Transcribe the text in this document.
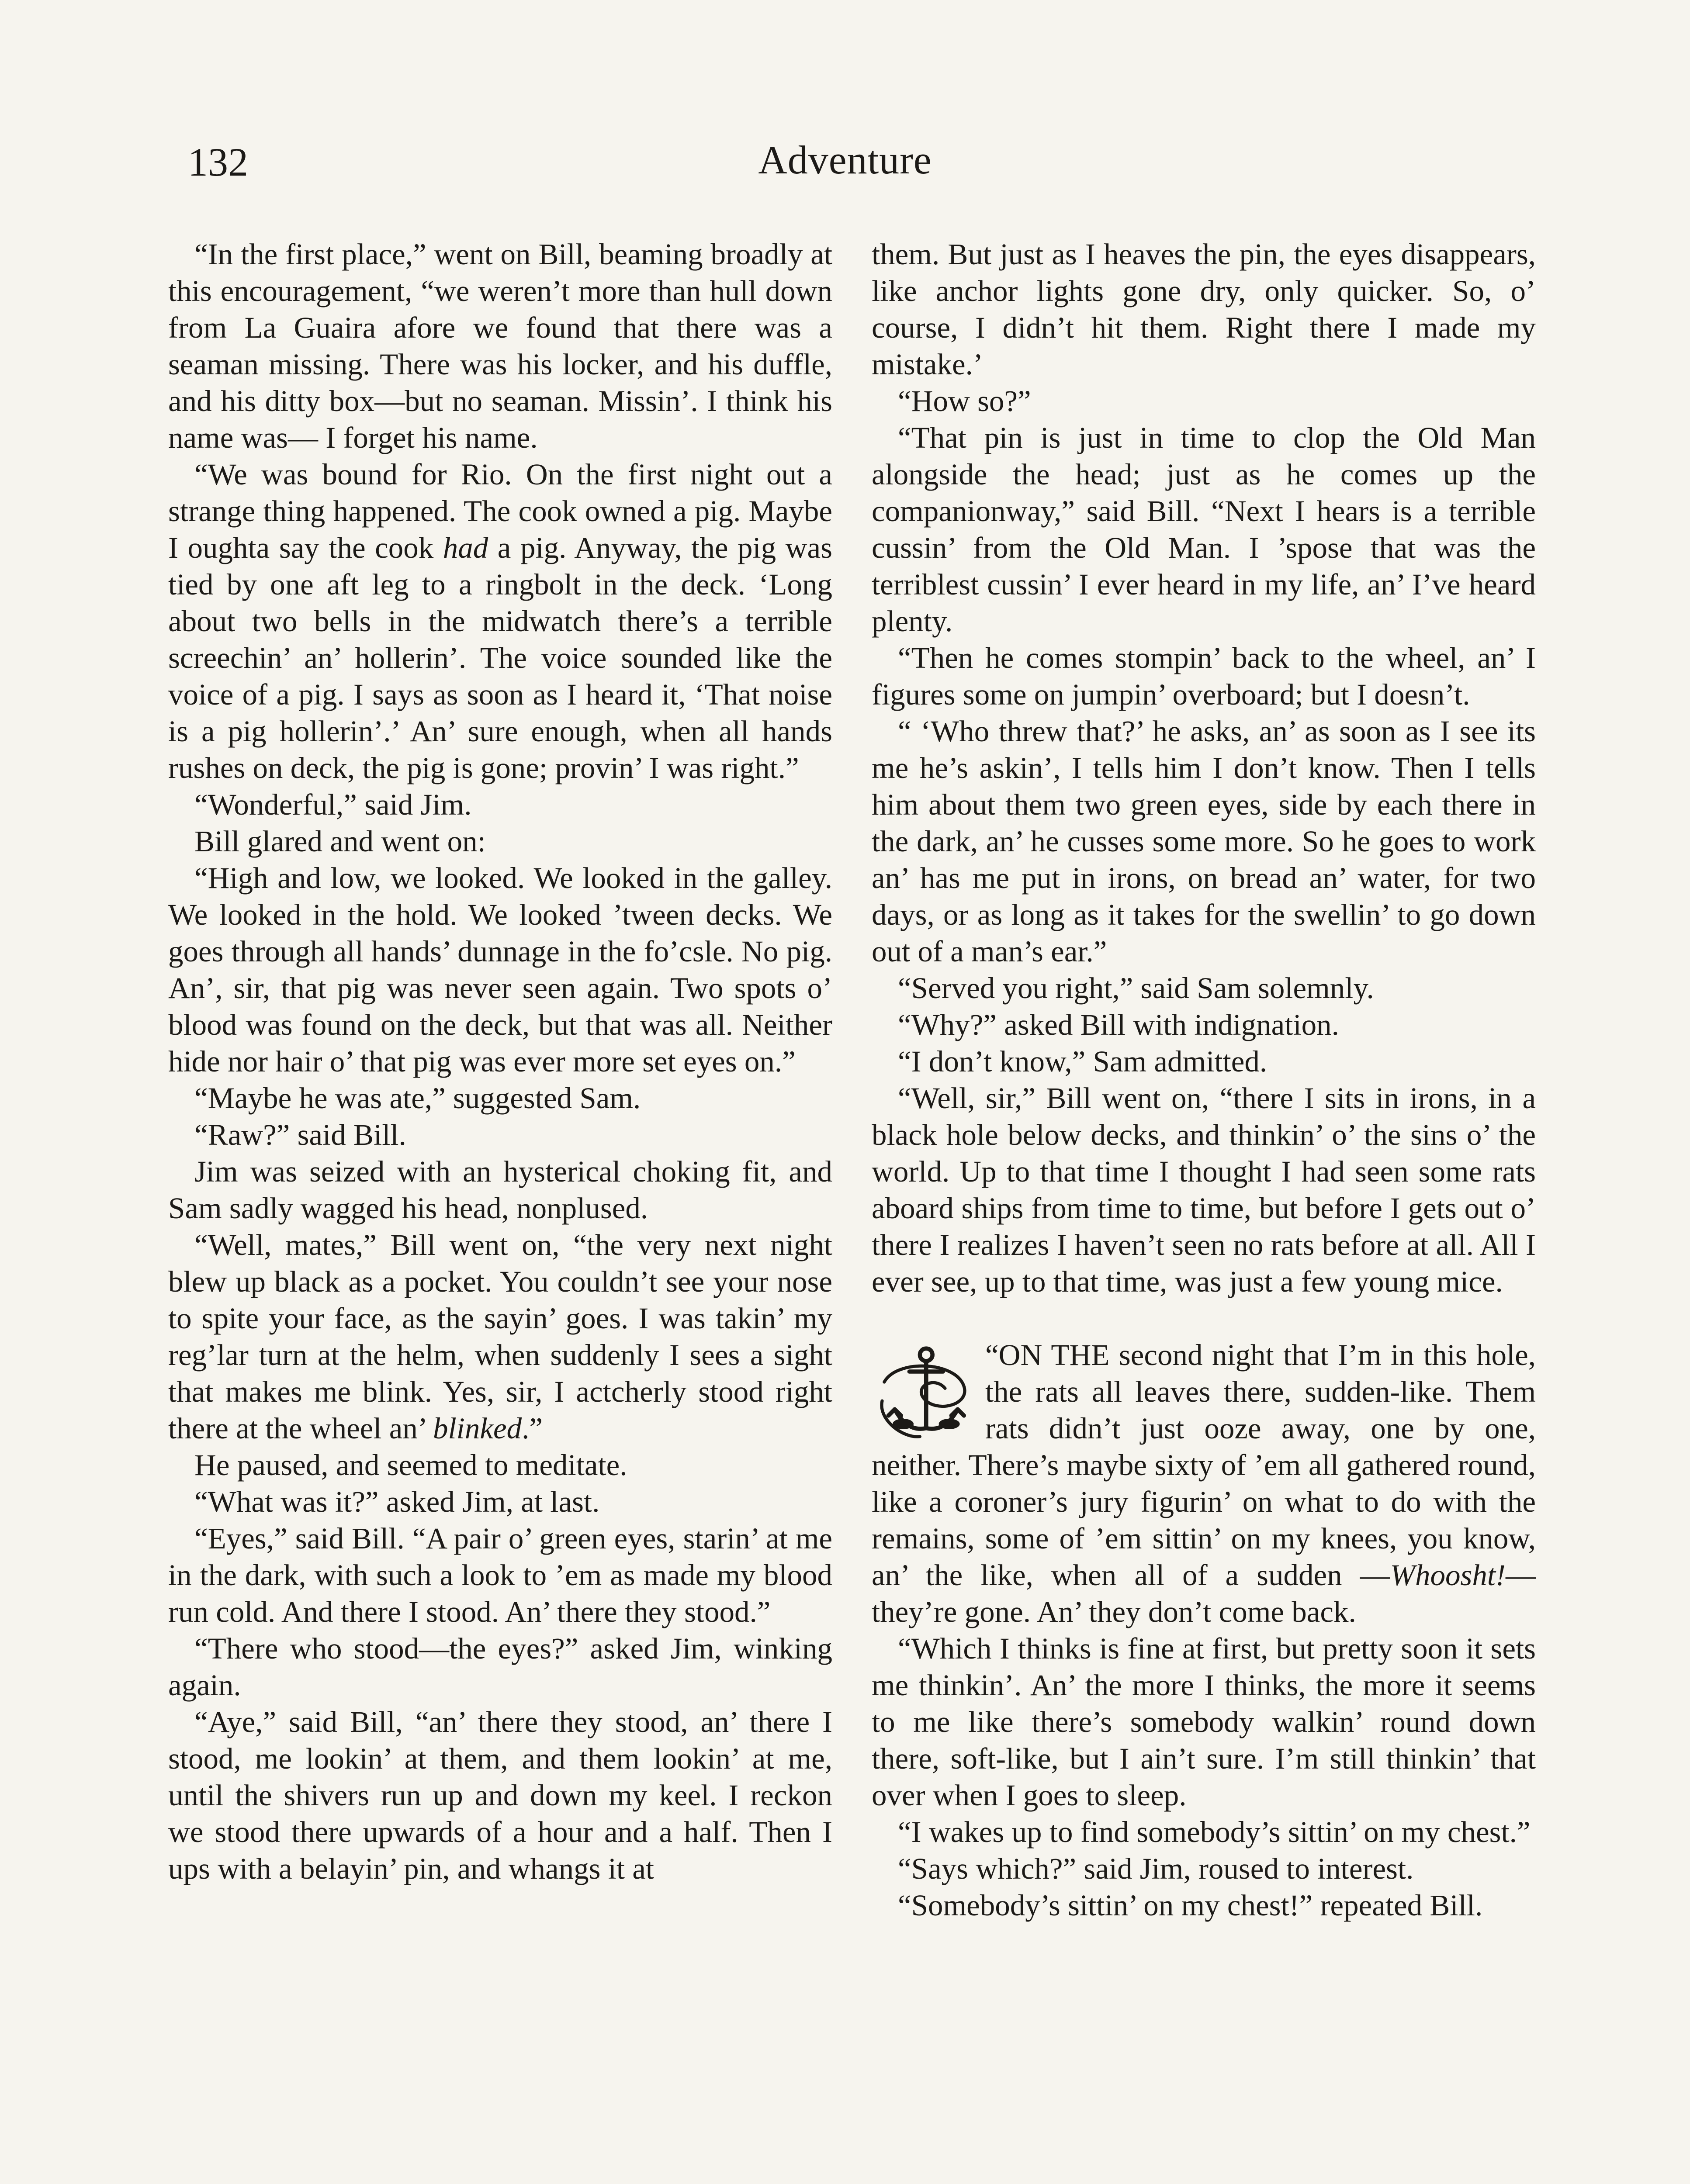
132	Adventure

“In the first place,” went on Bill, beaming broadly at this encouragement, “we weren’t more than hull down from La Guaira afore we found that there was a seaman missing. There was his locker, and his duffle, and his ditty box—but no seaman. Missin’. I think his name was— I forget his name.

“We was bound for Rio. On the first night out a strange thing happened. The cook owned a pig. Maybe I oughta say the cook had a pig. Anyway, the pig was tied by one aft leg to a ringbolt in the deck. ‘Long about two bells in the midwatch there’s a terrible screechin’ an’ hollerin’. The voice sounded like the voice of a pig. I says as soon as I heard it, ‘That noise is a pig hollerin’.’ An’ sure enough, when all hands rushes on deck, the pig is gone; provin’ I was right.”

“Wonderful,” said Jim.

Bill glared and went on:

“High and low, we looked. We looked in the galley. We looked in the hold. We looked ’tween decks. We goes through all hands’ dunnage in the fo’csle. No pig. An’, sir, that pig was never seen again. Two spots o’ blood was found on the deck, but that was all. Neither hide nor hair o’ that pig was ever more set eyes on.”

“Maybe he was ate,” suggested Sam.

“Raw?” said Bill.

Jim was seized with an hysterical choking fit, and Sam sadly wagged his head, nonplused.

“Well, mates,” Bill went on, “the very next night blew up black as a pocket. You couldn’t see your nose to spite your face, as the sayin’ goes. I was takin’ my reg’lar turn at the helm, when suddenly I sees a sight that makes me blink. Yes, sir, I actcherly stood right there at the wheel an’ blinked.”

He paused, and seemed to meditate.

“What was it?” asked Jim, at last.

“Eyes,” said Bill. “A pair o’ green eyes, starin’ at me in the dark, with such a look to ’em as made my blood run cold. And there I stood. An’ there they stood.”

“There who stood—the eyes?” asked Jim, winking again.

“Aye,” said Bill, “an’ there they stood, an’ there I stood, me lookin’ at them, and them lookin’ at me, until the shivers run up and down my keel. I reckon we stood there upwards of a hour and a half. Then I ups with a belayin’ pin, and whangs it at

them. But just as I heaves the pin, the eyes disappears, like anchor lights gone dry, only quicker. So, o’ course, I didn’t hit them. Right there I made my mistake.’

“How so?”

“That pin is just in time to clop the Old Man alongside the head; just as he comes up the companionway,” said Bill. “Next I hears is a terrible cussin’ from the Old Man. I ’spose that was the terriblest cussin’ I ever heard in my life, an’ I’ve heard plenty.

“Then he comes stompin’ back to the wheel, an’ I figures some on jumpin’ overboard; but I doesn’t.

“ ‘Who threw that?’ he asks, an’ as soon as I see its me he’s askin’, I tells him I don’t know. Then I tells him about them two green eyes, side by each there in the dark, an’ he cusses some more. So he goes to work an’ has me put in irons, on bread an’ water, for two days, or as long as it takes for the swellin’ to go down out of a man’s ear.”

“Served you right,” said Sam solemnly.

“Why?” asked Bill with indignation.

“I don’t know,” Sam admitted.

“Well, sir,” Bill went on, “there I sits in irons, in a black hole below decks, and thinkin’ o’ the sins o’ the world. Up to that time I thought I had seen some rats aboard ships from time to time, but before I gets out o’ there I realizes I haven’t seen no rats before at all. All I ever see, up to that time, was just a few young mice.

“ON THE second night that I’m in this hole, the rats all leaves there, sudden-like. Them rats didn’t just ooze away, one by one, neither. There’s maybe sixty of ’em all gathered round, like a coroner’s jury figurin’ on what to do with the remains, some of ’em sittin’ on my knees, you know, an’ the like, when all of a sudden —Whoosht!—they’re gone. An’ they don’t come back.

“Which I thinks is fine at first, but pretty soon it sets me thinkin’. An’ the more I thinks, the more it seems to me like there’s somebody walkin’ round down there, soft-like, but I ain’t sure. I’m still thinkin’ that over when I goes to sleep.

“I wakes up to find somebody’s sittin’ on my chest.”

“Says which?” said Jim, roused to interest.

“Somebody’s sittin’ on my chest!” repeated Bill.
